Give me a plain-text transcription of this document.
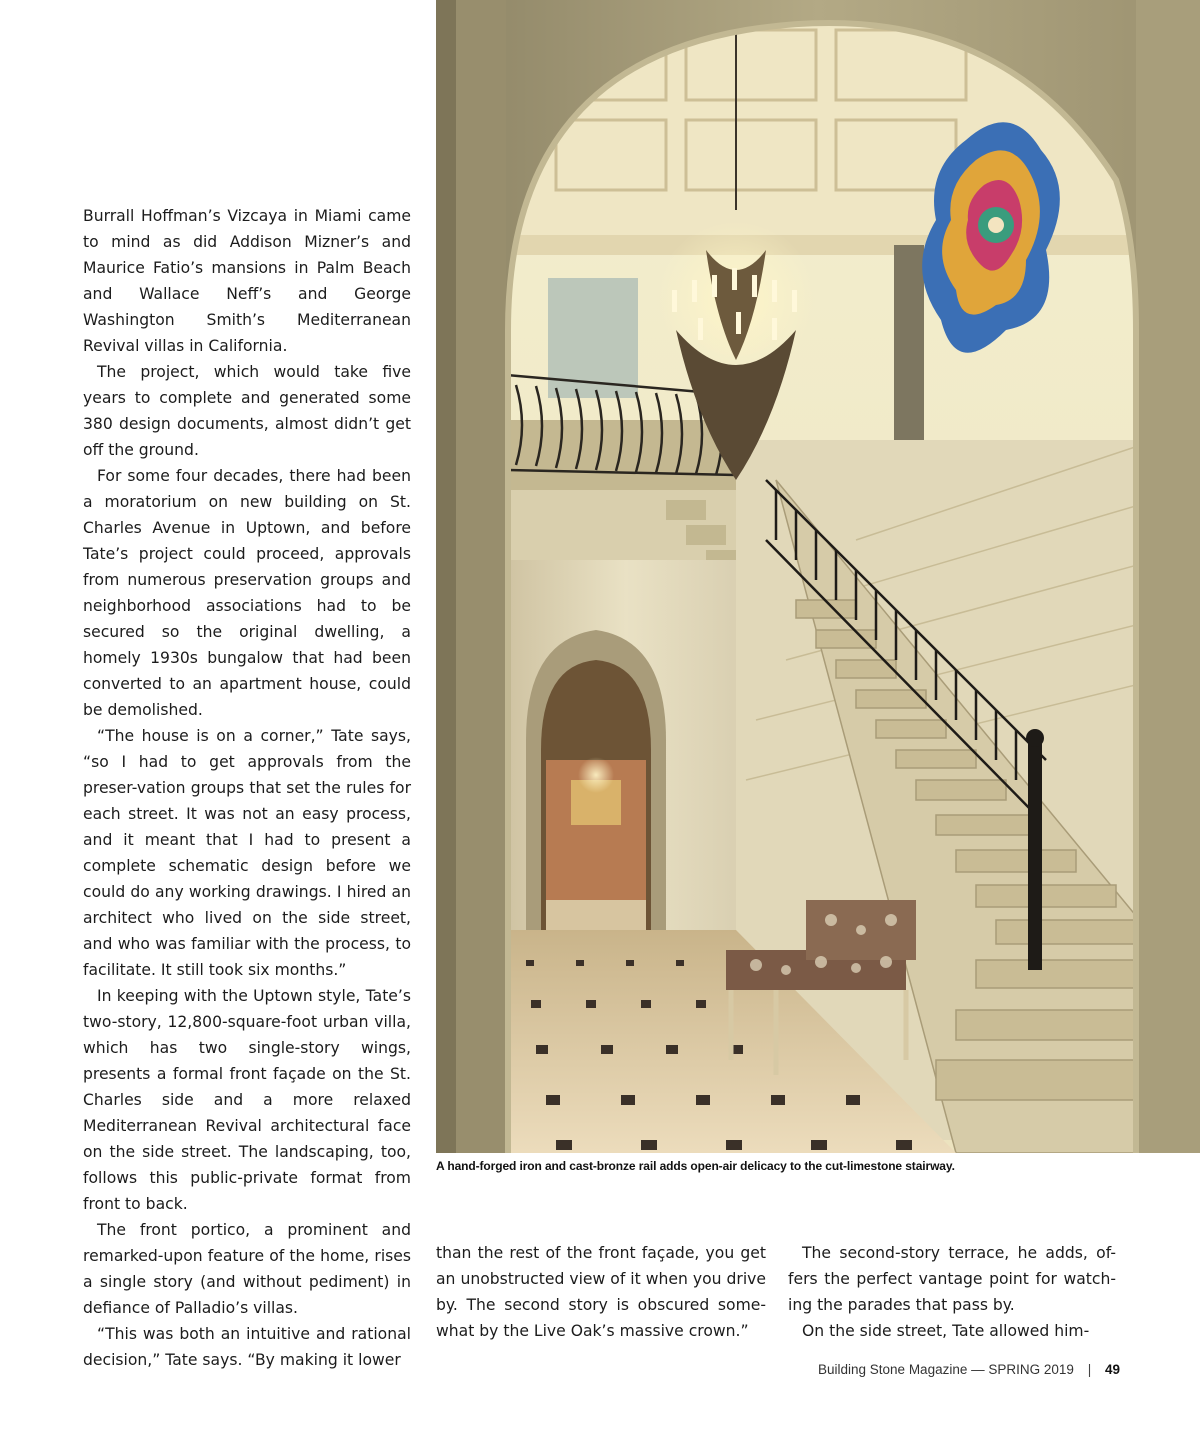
Burrall Hoffman’s Vizcaya in Miami came to mind as did Addison Mizner’s and Maurice Fatio’s mansions in Palm Beach and Wallace Neff’s and George Washington Smith’s Mediterranean Revival villas in California.

The project, which would take five years to complete and generated some 380 design documents, almost didn’t get off the ground.

For some four decades, there had been a moratorium on new building on St. Charles Avenue in Uptown, and before Tate’s project could proceed, approvals from numerous preservation groups and neighborhood associations had to be secured so the original dwelling, a homely 1930s bungalow that had been converted to an apartment house, could be demolished.

“The house is on a corner,” Tate says, “so I had to get approvals from the preser-vation groups that set the rules for each street. It was not an easy process, and it meant that I had to present a complete schematic design before we could do any working drawings. I hired an architect who lived on the side street, and who was familiar with the process, to facilitate. It still took six months.”

In keeping with the Uptown style, Tate’s two-story, 12,800-square-foot urban villa, which has two single-story wings, presents a formal front façade on the St. Charles side and a more relaxed Mediterranean Revival architectural face on the side street. The landscaping, too, follows this public-private format from front to back.

The front portico, a prominent and remarked-upon feature of the home, rises a single story (and without pediment) in defiance of Palladio’s villas.

“This was both an intuitive and rational decision,” Tate says. “By making it lower

A hand-forged iron and cast-bronze rail adds open-air delicacy to the cut-limestone stairway.

than the rest of the front façade, you get an unobstructed view of it when you drive by. The second story is obscured some-what by the Live Oak’s massive crown.”

The second-story terrace, he adds, of-fers the perfect vantage point for watch-ing the parades that pass by.

On the side street, Tate allowed him-

Building Stone Magazine — SPRING 2019 | 49
